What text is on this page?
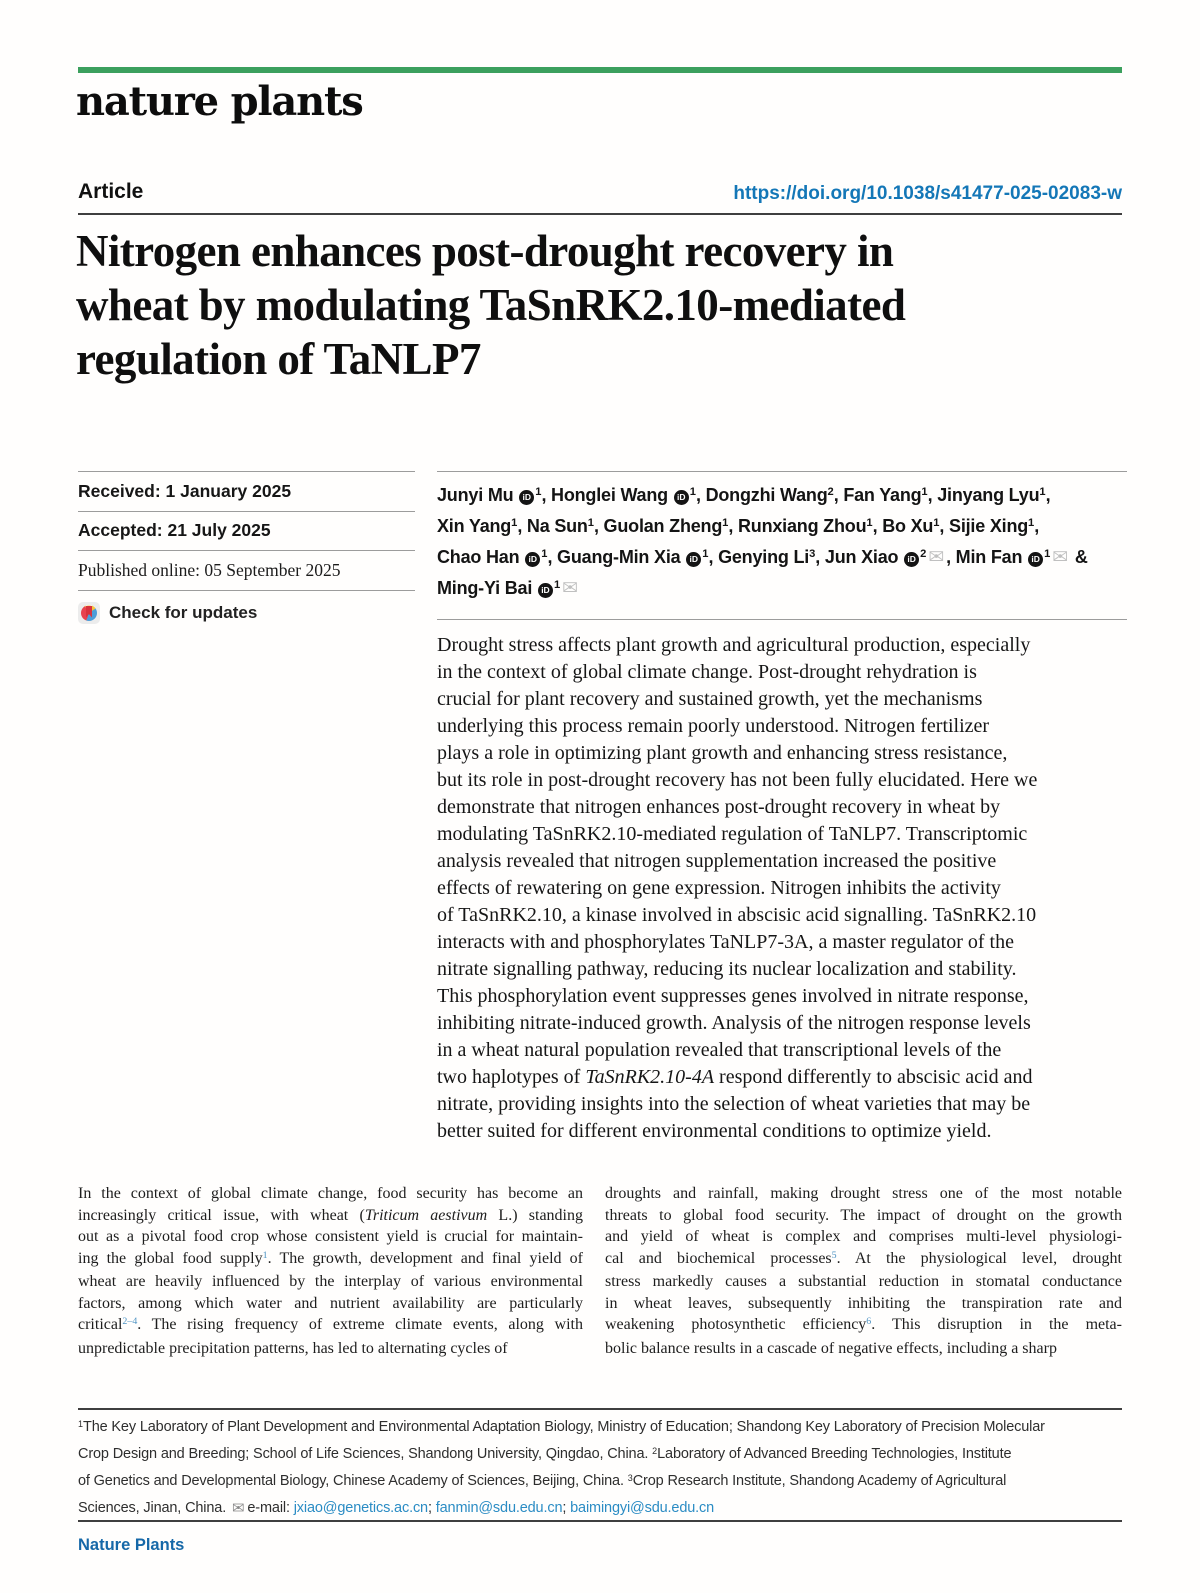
nature plants
Article	https://doi.org/10.1038/s41477-025-02083-w
Nitrogen enhances post-drought recovery in
wheat by modulating TaSnRK2.10-mediated
regulation of TaNLP7
Received: 1 January 2025
Accepted: 21 July 2025
Published online: 05 September 2025
Check for updates
Junyi Mu iD $^1$, Honglei Wang iD $^1$, Dongzhi Wang$^2$, Fan Yang$^1$, Jinyang Lyu$^1$,
Xin Yang$^1$, Na Sun$^1$, Guolan Zheng$^1$, Runxiang Zhou$^1$, Bo Xu$^1$, Sijie Xing$^1$,
Chao Han iD $^1$, Guang-Min Xia iD $^1$, Genying Li$^3$, Jun Xiao iD $^2$ ✉ , Min Fan iD $^1$ ✉ &
Ming-Yi Bai iD $^1$ ✉
Drought stress affects plant growth and agricultural production, especially
in the context of global climate change. Post-drought rehydration is
crucial for plant recovery and sustained growth, yet the mechanisms
underlying this process remain poorly understood. Nitrogen fertilizer
plays a role in optimizing plant growth and enhancing stress resistance,
but its role in post-drought recovery has not been fully elucidated. Here we
demonstrate that nitrogen enhances post-drought recovery in wheat by
modulating TaSnRK2.10-mediated regulation of TaNLP7. Transcriptomic
analysis revealed that nitrogen supplementation increased the positive
effects of rewatering on gene expression. Nitrogen inhibits the activity
of TaSnRK2.10, a kinase involved in abscisic acid signalling. TaSnRK2.10
interacts with and phosphorylates TaNLP7-3A, a master regulator of the
nitrate signalling pathway, reducing its nuclear localization and stability.
This phosphorylation event suppresses genes involved in nitrate response,
inhibiting nitrate-induced growth. Analysis of the nitrogen response levels
in a wheat natural population revealed that transcriptional levels of the
two haplotypes of TaSnRK2.10-4A respond differently to abscisic acid and
nitrate, providing insights into the selection of wheat varieties that may be
better suited for different environmental conditions to optimize yield.
In the context of global climate change, food security has become an
increasingly critical issue, with wheat (Triticum aestivum L.) standing
out as a pivotal food crop whose consistent yield is crucial for maintain-
ing the global food supply$^1$. The growth, development and final yield of
wheat are heavily influenced by the interplay of various environmental
factors, among which water and nutrient availability are particularly
critical$^{2-4}$. The rising frequency of extreme climate events, along with
unpredictable precipitation patterns, has led to alternating cycles of
droughts and rainfall, making drought stress one of the most notable
threats to global food security. The impact of drought on the growth
and yield of wheat is complex and comprises multi-level physiologi-
cal and biochemical processes$^5$. At the physiological level, drought
stress markedly causes a substantial reduction in stomatal conductance
in wheat leaves, subsequently inhibiting the transpiration rate and
weakening photosynthetic efficiency$^6$. This disruption in the meta-
bolic balance results in a cascade of negative effects, including a sharp
$^1$The Key Laboratory of Plant Development and Environmental Adaptation Biology, Ministry of Education; Shandong Key Laboratory of Precision Molecular
Crop Design and Breeding; School of Life Sciences, Shandong University, Qingdao, China. $^2$Laboratory of Advanced Breeding Technologies, Institute
of Genetics and Developmental Biology, Chinese Academy of Sciences, Beijing, China. $^3$Crop Research Institute, Shandong Academy of Agricultural
Sciences, Jinan, China. ✉ e-mail: jxiao@genetics.ac.cn; fanmin@sdu.edu.cn; baimingyi@sdu.edu.cn
Nature Plants
